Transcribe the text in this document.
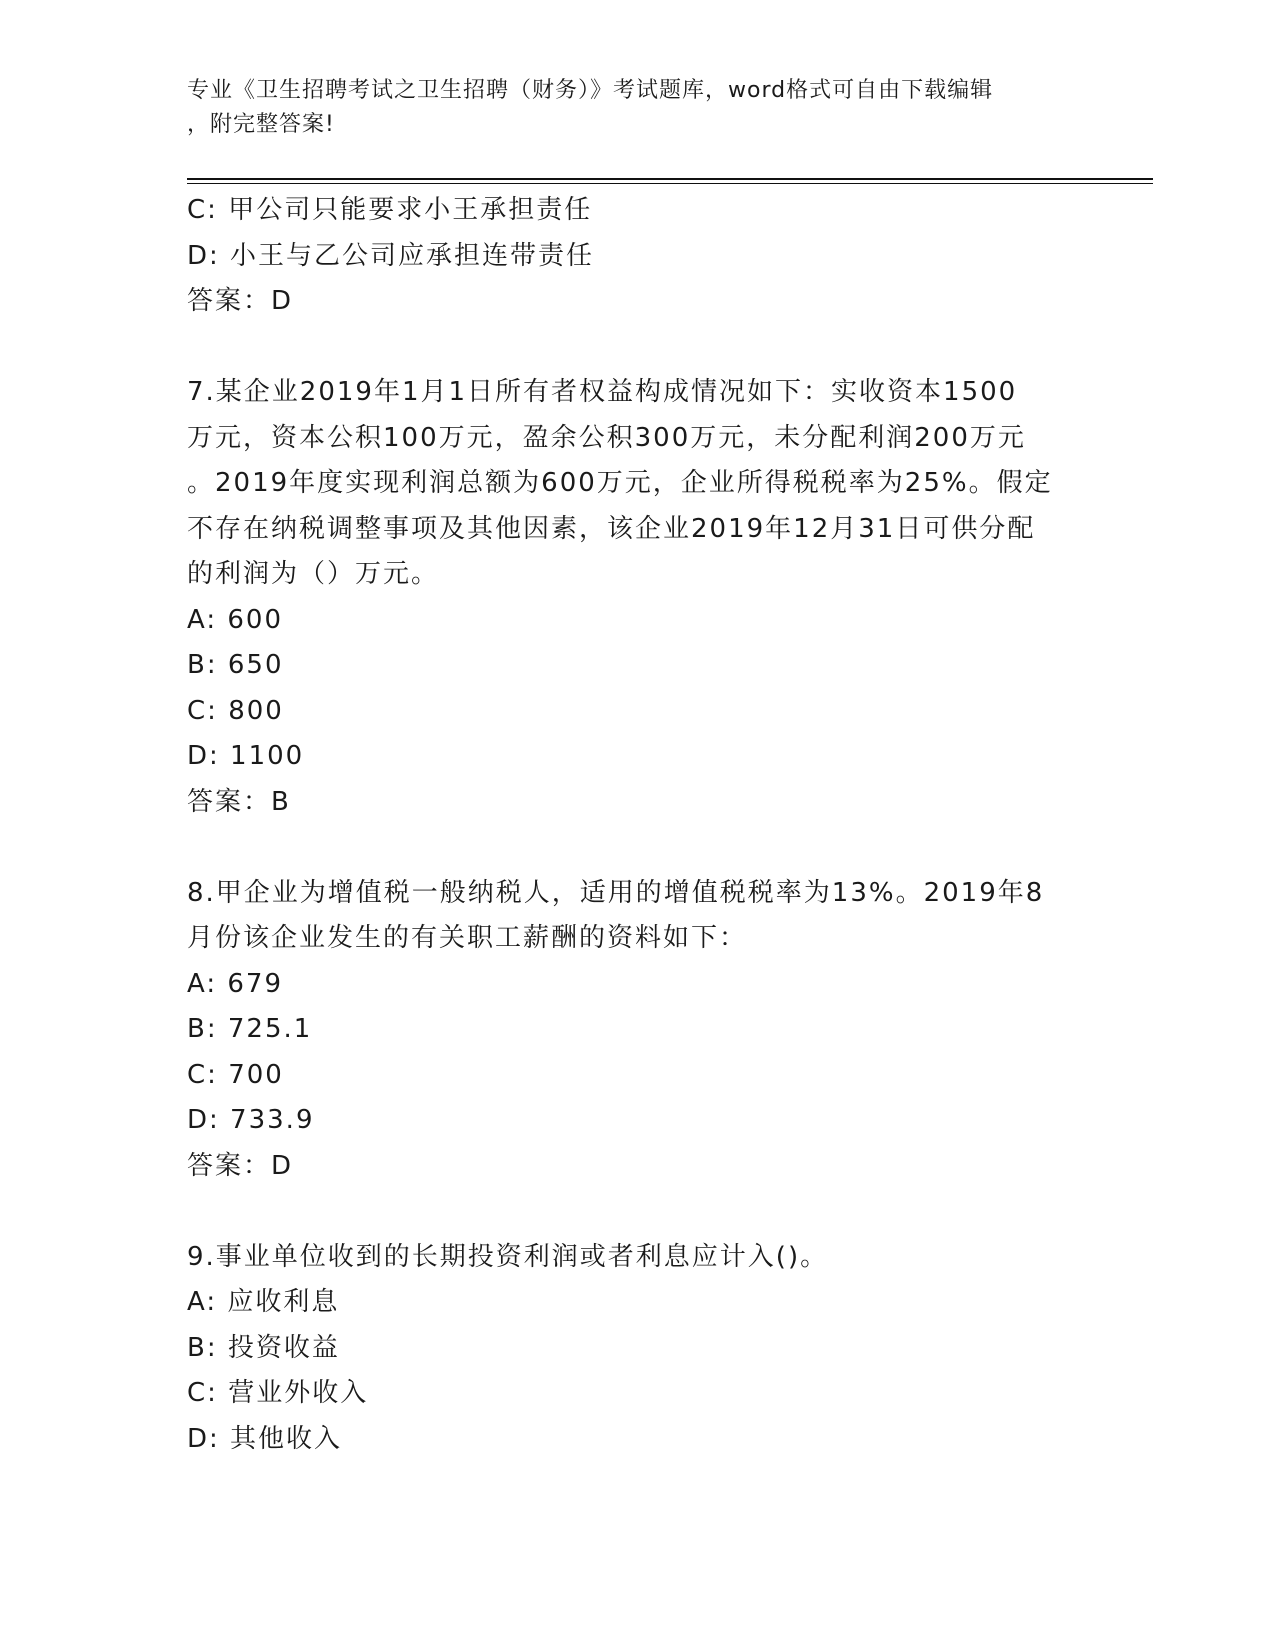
专业《卫生招聘考试之卫生招聘（财务）》考试题库，word格式可自由下载编辑
，附完整答案!
C: 甲公司只能要求小王承担责任
D: 小王与乙公司应承担连带责任
答案：D
7.某企业2019年1月1日所有者权益构成情况如下：实收资本1500
万元，资本公积100万元，盈余公积300万元，未分配利润200万元
。2019年度实现利润总额为600万元，企业所得税税率为25%。假定
不存在纳税调整事项及其他因素，该企业2019年12月31日可供分配
的利润为（）万元。
A: 600
B: 650
C: 800
D: 1100
答案：B
8.甲企业为增值税一般纳税人，适用的增值税税率为13%。2019年8
月份该企业发生的有关职工薪酬的资料如下：
A: 679
B: 725.1
C: 700
D: 733.9
答案：D
9.事业单位收到的长期投资利润或者利息应计入()。
A: 应收利息
B: 投资收益
C: 营业外收入
D: 其他收入
